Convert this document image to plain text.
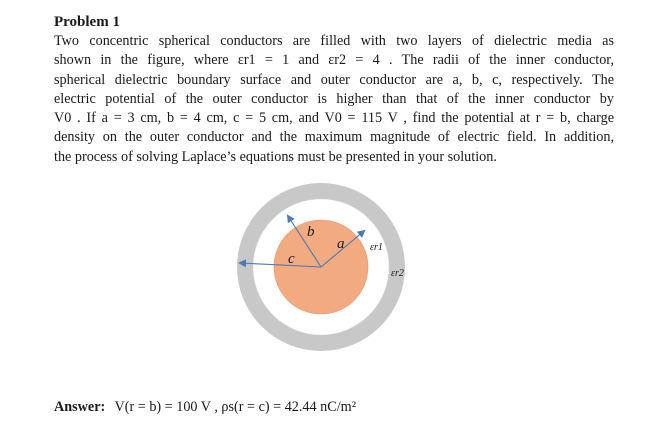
Problem 1
Two concentric spherical conductors are filled with two layers of dielectric media as
shown in the figure, where εr1 = 1 and εr2 = 4 . The radii of the inner conductor,
spherical dielectric boundary surface and outer conductor are a, b, c, respectively. The
electric potential of the outer conductor is higher than that of the inner conductor by
V0 . If a = 3 cm, b = 4 cm, c = 5 cm, and V0 = 115 V , find the potential at r = b, charge
density on the outer conductor and the maximum magnitude of electric field. In addition,
the process of solving Laplace’s equations must be presented in your solution.
b
a
c
εr1
εr2
Answer: V(r = b) = 100 V , ρs(r = c) = 42.44 nC/m²
